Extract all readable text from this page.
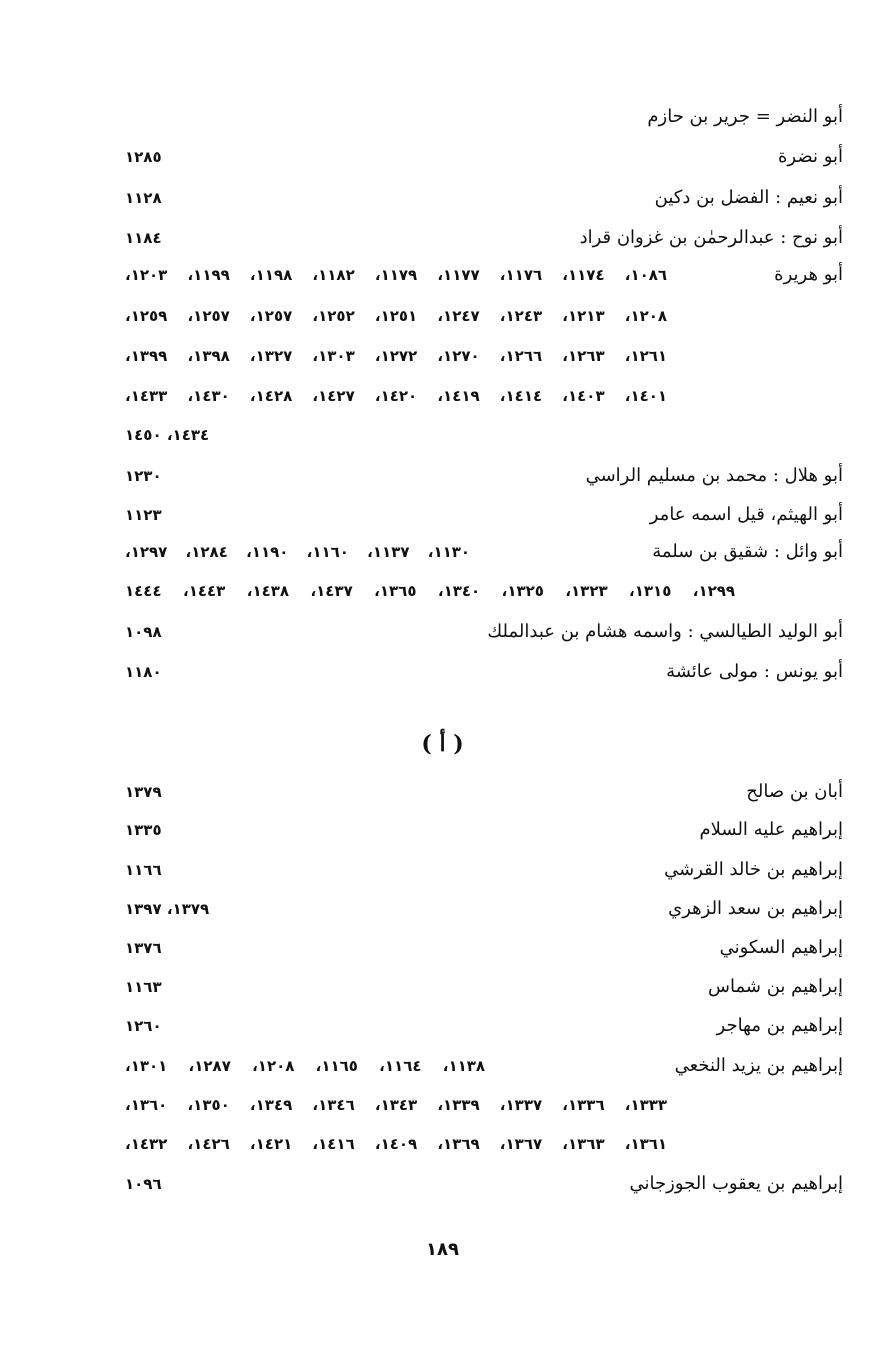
أبو النضر = جرير بن حازم
أبو نضرة
١٢٨٥
أبو نعيم : الفضل بن دكين
١١٢٨
أبو نوح : عبدالرحمٰن بن غزوان قراد
١١٨٤
أبو هريرة
١٠٨٦، ١١٧٤، ١١٧٦، ١١٧٧، ١١٧٩، ١١٨٢، ١١٩٨، ١١٩٩، ١٢٠٣،
١٢٠٨، ١٢١٣، ١٢٤٣، ١٢٤٧، ١٢٥١، ١٢٥٢، ١٢٥٧، ١٢٥٧، ١٢٥٩،
١٢٦١، ١٢٦٣، ١٢٦٦، ١٢٧٠، ١٢٧٢، ١٣٠٣، ١٣٢٧، ١٣٩٨، ١٣٩٩،
١٤٠١، ١٤٠٣، ١٤١٤، ١٤١٩، ١٤٢٠، ١٤٢٧، ١٤٢٨، ١٤٣٠، ١٤٣٣،
١٤٣٤، ١٤٥٠
أبو هلال : محمد بن مسليم الراسي
١٢٣٠
أبو الهيثم، قيل اسمه عامر
١١٢٣
أبو وائل : شقيق بن سلمة
١١٣٠، ١١٣٧، ١١٦٠، ١١٩٠، ١٢٨٤، ١٢٩٧،
١٢٩٩، ١٣١٥، ١٣٢٣، ١٣٢٥، ١٣٤٠، ١٣٦٥، ١٤٣٧، ١٤٣٨، ١٤٤٣، ١٤٤٤
أبو الوليد الطيالسي : واسمه هشام بن عبدالملك
١٠٩٨
أبو يونس : مولى عائشة
١١٨٠
( أ )
أبان بن صالح
١٣٧٩
إبراهيم عليه السلام
١٣٣٥
إبراهيم بن خالد القرشي
١١٦٦
إبراهيم بن سعد الزهري
١٣٧٩، ١٣٩٧
إبراهيم السكوني
١٣٧٦
إبراهيم بن شماس
١١٦٣
إبراهيم بن مهاجر
١٢٦٠
إبراهيم بن يزيد النخعي
١١٣٨، ١١٦٤، ١١٦٥، ١٢٠٨، ١٢٨٧، ١٣٠١،
١٣٣٣، ١٣٣٦، ١٣٣٧، ١٣٣٩، ١٣٤٣، ١٣٤٦، ١٣٤٩، ١٣٥٠، ١٣٦٠،
١٣٦١، ١٣٦٣، ١٣٦٧، ١٣٦٩، ١٤٠٩، ١٤١٦، ١٤٢١، ١٤٢٦، ١٤٣٢،
إبراهيم بن يعقوب الجوزجاني
١٠٩٦
١٨٩
